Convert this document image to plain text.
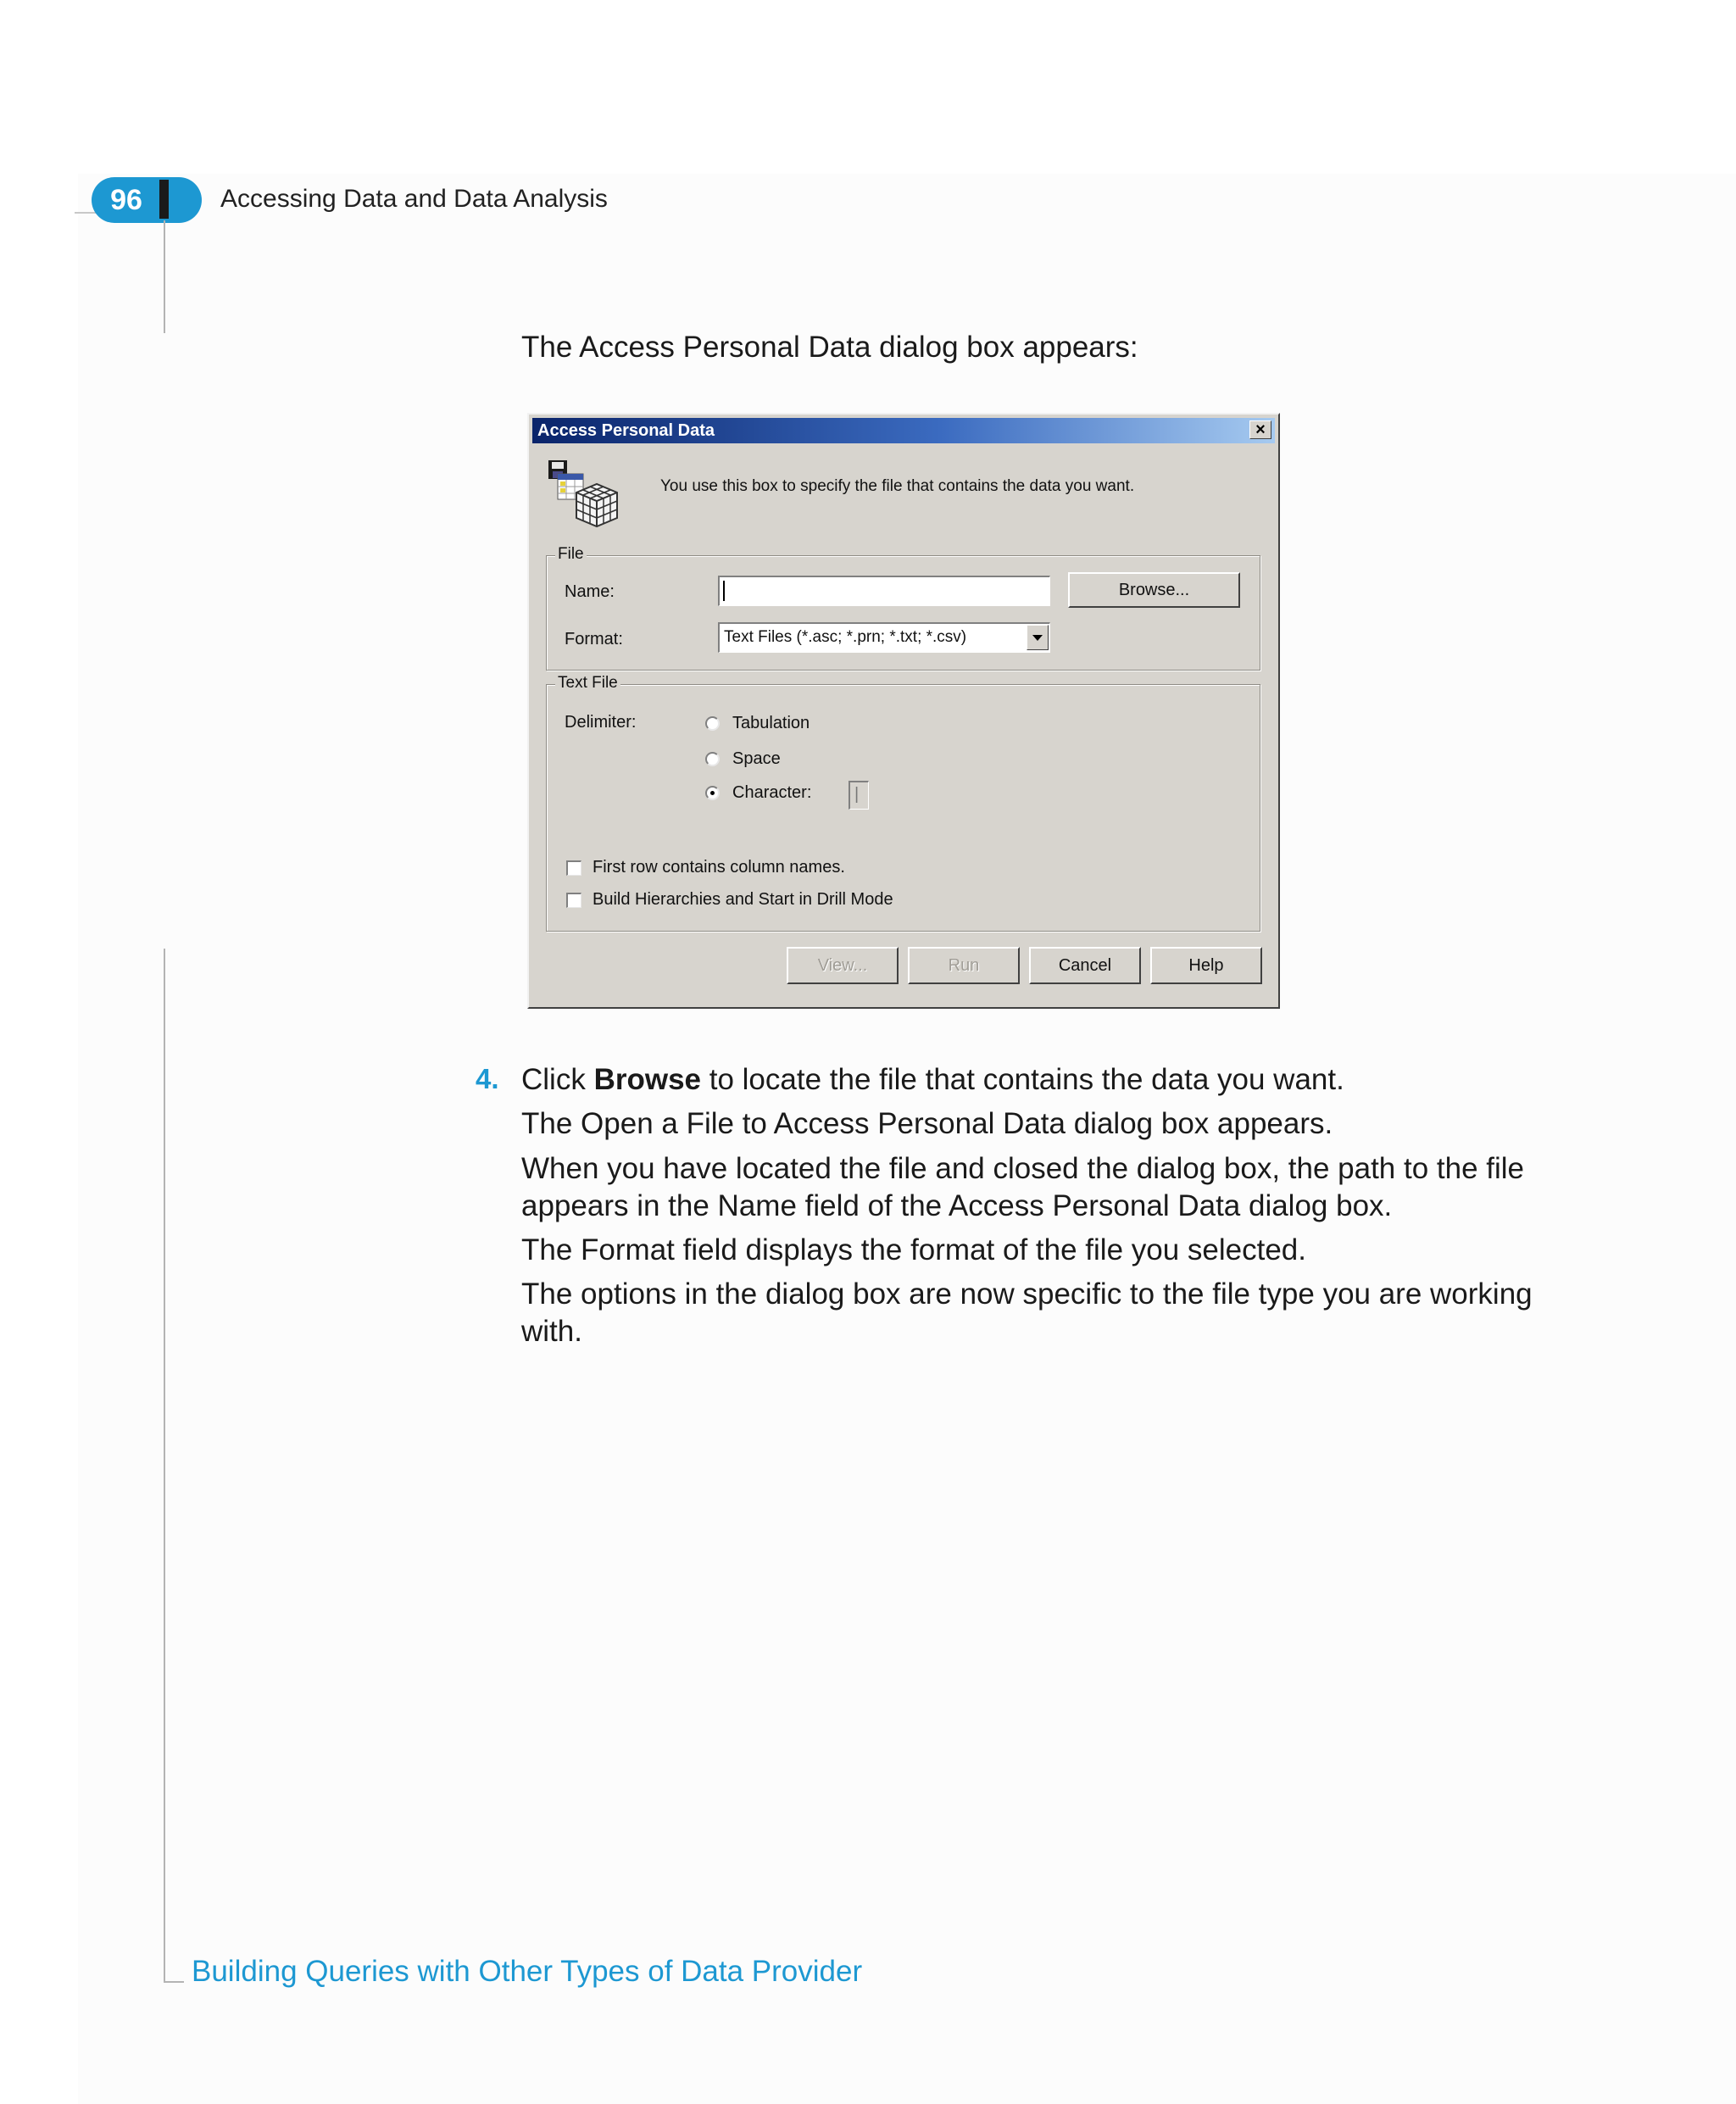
96	Accessing Data and Data Analysis
The Access Personal Data dialog box appears:
Access Personal Data	×
You use this box to specify the file that contains the data you want.
File
Name:	Browse...
Format:	Text Files (*.asc; *.prn; *.txt; *.csv)
Text File
Delimiter:	Tabulation
Space
Character:	|
First row contains column names.
Build Hierarchies and Start in Drill Mode
View...	Run	Cancel	Help
4. Click Browse to locate the file that contains the data you want.
The Open a File to Access Personal Data dialog box appears.
When you have located the file and closed the dialog box, the path to the file
appears in the Name field of the Access Personal Data dialog box.
The Format field displays the format of the file you selected.
The options in the dialog box are now specific to the file type you are working
with.
Building Queries with Other Types of Data Provider
